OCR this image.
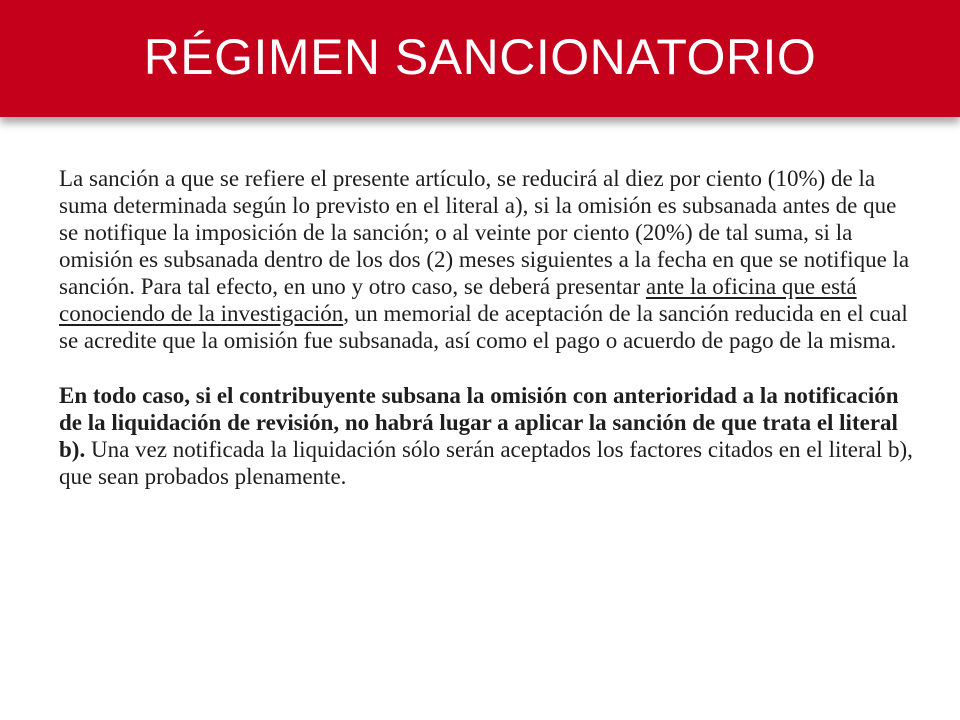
RÉGIMEN SANCIONATORIO

La sanción a que se refiere el presente artículo, se reducirá al diez por ciento (10%) de la suma determinada según lo previsto en el literal a), si la omisión es subsanada antes de que se notifique la imposición de la sanción; o al veinte por ciento (20%) de tal suma, si la omisión es subsanada dentro de los dos (2) meses siguientes a la fecha en que se notifique la sanción. Para tal efecto, en uno y otro caso, se deberá presentar ante la oficina que está conociendo de la investigación, un memorial de aceptación de la sanción reducida en el cual se acredite que la omisión fue subsanada, así como el pago o acuerdo de pago de la misma.

En todo caso, si el contribuyente subsana la omisión con anterioridad a la notificación de la liquidación de revisión, no habrá lugar a aplicar la sanción de que trata el literal b). Una vez notificada la liquidación sólo serán aceptados los factores citados en el literal b), que sean probados plenamente.
